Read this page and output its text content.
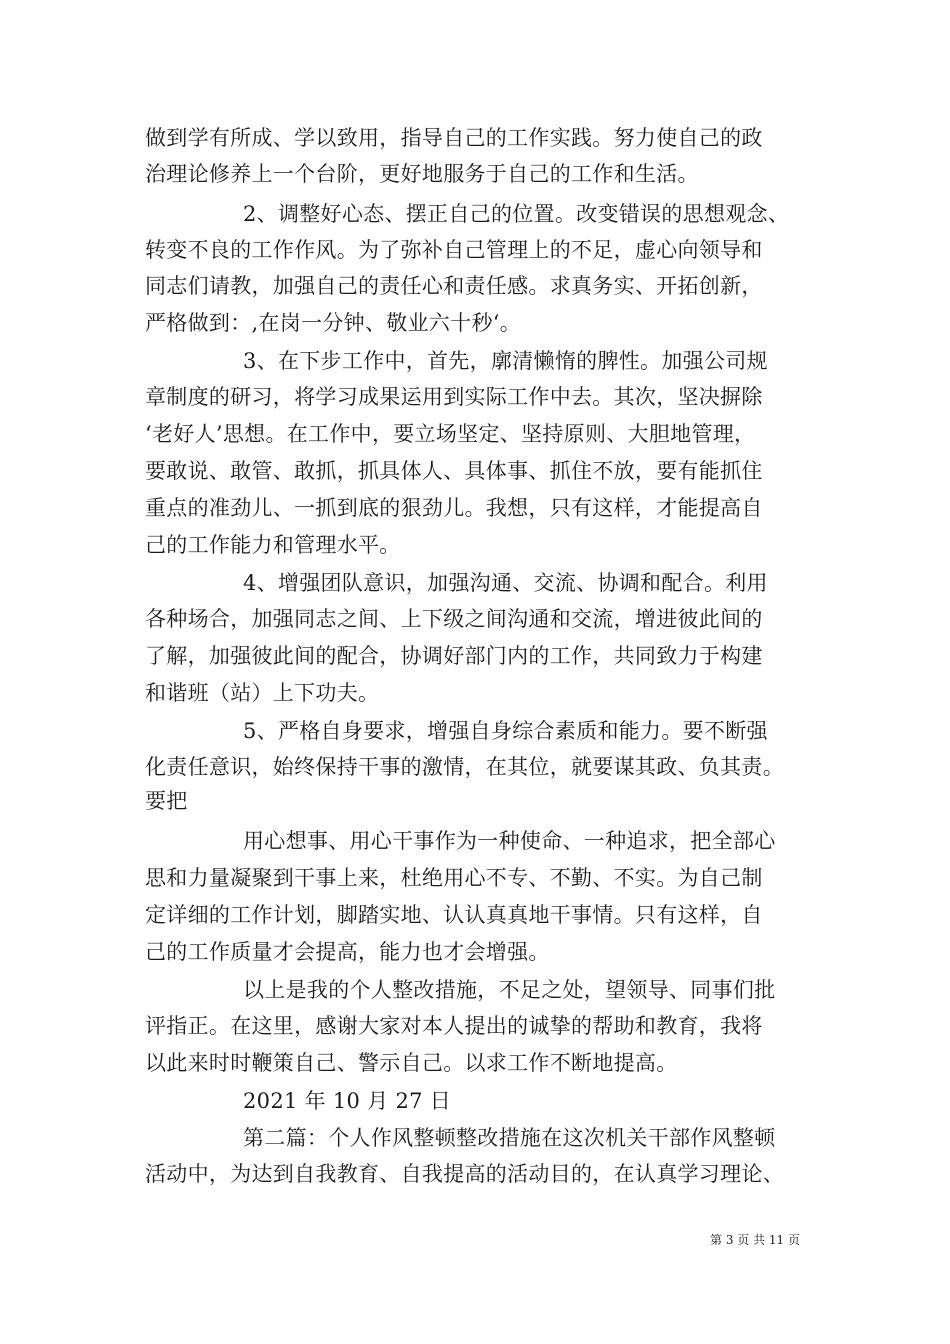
做到学有所成、学以致用，指导自己的工作实践。努力使自己的政
治理论修养上一个台阶，更好地服务于自己的工作和生活。
2、调整好心态、摆正自己的位置。改变错误的思想观念、
转变不良的工作作风。为了弥补自己管理上的不足，虚心向领导和
同志们请教，加强自己的责任心和责任感。求真务实、开拓创新，
严格做到：,在岗一分钟、敬业六十秒‘。
3、在下步工作中，首先，廓清懒惰的脾性。加强公司规
章制度的研习，将学习成果运用到实际工作中去。其次，坚决摒除
‘老好人’思想。在工作中，要立场坚定、坚持原则、大胆地管理，
要敢说、敢管、敢抓，抓具体人、具体事、抓住不放，要有能抓住
重点的准劲儿、一抓到底的狠劲儿。我想，只有这样，才能提高自
己的工作能力和管理水平。
4、增强团队意识，加强沟通、交流、协调和配合。利用
各种场合，加强同志之间、上下级之间沟通和交流，增进彼此间的
了解，加强彼此间的配合，协调好部门内的工作，共同致力于构建
和谐班（站）上下功夫。
5、严格自身要求，增强自身综合素质和能力。要不断强
化责任意识，始终保持干事的激情，在其位，就要谋其政、负其责。
要把
用心想事、用心干事作为一种使命、一种追求，把全部心
思和力量凝聚到干事上来，杜绝用心不专、不勤、不实。为自己制
定详细的工作计划，脚踏实地、认认真真地干事情。只有这样，自
己的工作质量才会提高，能力也才会增强。
以上是我的个人整改措施，不足之处，望领导、同事们批
评指正。在这里，感谢大家对本人提出的诚挚的帮助和教育，我将
以此来时时鞭策自己、警示自己。以求工作不断地提高。
2021 年 10 月 27 日
第二篇：个人作风整顿整改措施在这次机关干部作风整顿
活动中，为达到自我教育、自我提高的活动目的，在认真学习理论、
第 3 页 共 11 页
